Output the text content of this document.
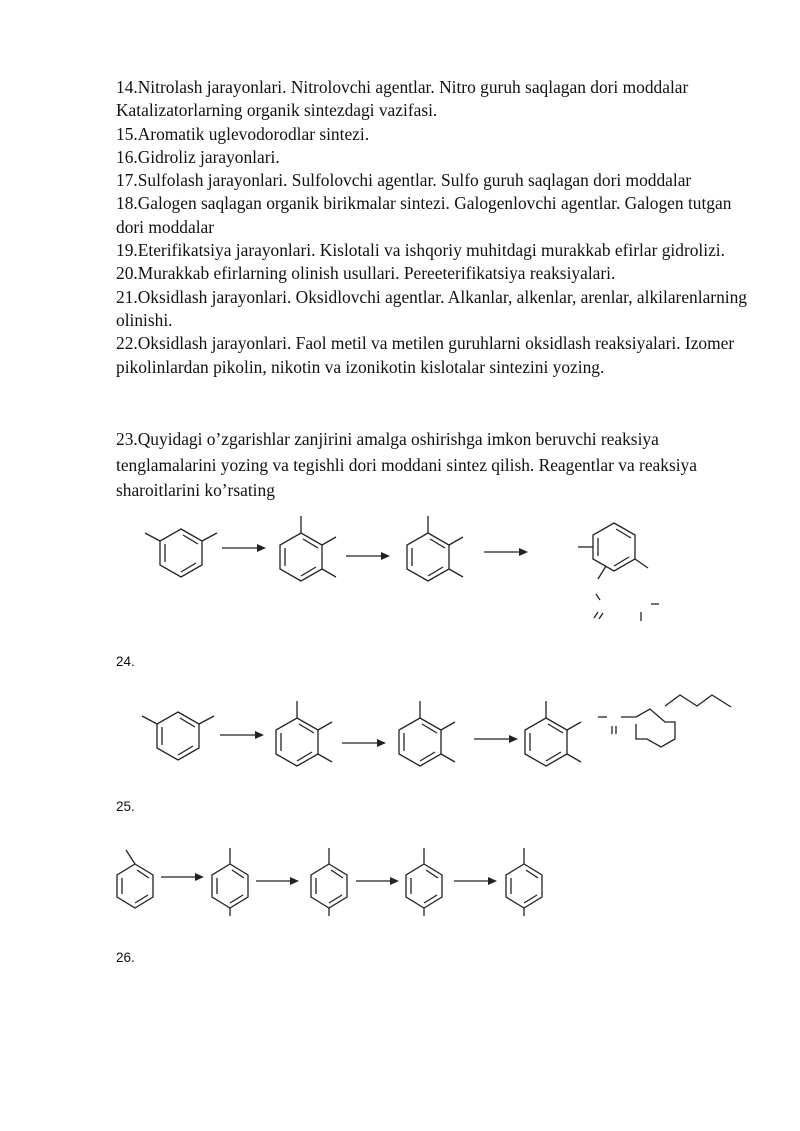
14.Nitrolash jarayonlari. Nitrolovchi agentlar. Nitro guruh saqlagan dori moddalar Katalizatorlarning organik sintezdagi vazifasi.

15.Aromatik uglevodorodlar sintezi.

16.Gidroliz jarayonlari.

17.Sulfolash jarayonlari. Sulfolovchi agentlar. Sulfo guruh saqlagan dori moddalar

18.Galogen saqlagan organik birikmalar sintezi. Galogenlovchi agentlar. Galogen tutgan dori moddalar

19.Eterifikatsiya jarayonlari. Kislotali va ishqoriy muhitdagi murakkab efirlar gidrolizi.

20.Murakkab efirlarning olinish usullari. Pereeterifikatsiya reaksiyalari.

21.Oksidlash jarayonlari. Oksidlovchi agentlar. Alkanlar, alkenlar, arenlar, alkilarenlarning olinishi.

22.Oksidlash jarayonlari. Faol metil va metilen guruhlarni oksidlash reaksiyalari. Izomer pikolinlardan pikolin, nikotin va izonikotin kislotalar sintezini yozing.

23.Quyidagi o’zgarishlar zanjirini amalga oshirishga imkon beruvchi reaksiya tenglamalarini yozing va tegishli dori moddani sintez qilish. Reagentlar va reaksiya sharoitlarini ko’rsating

24.
25.
26.
